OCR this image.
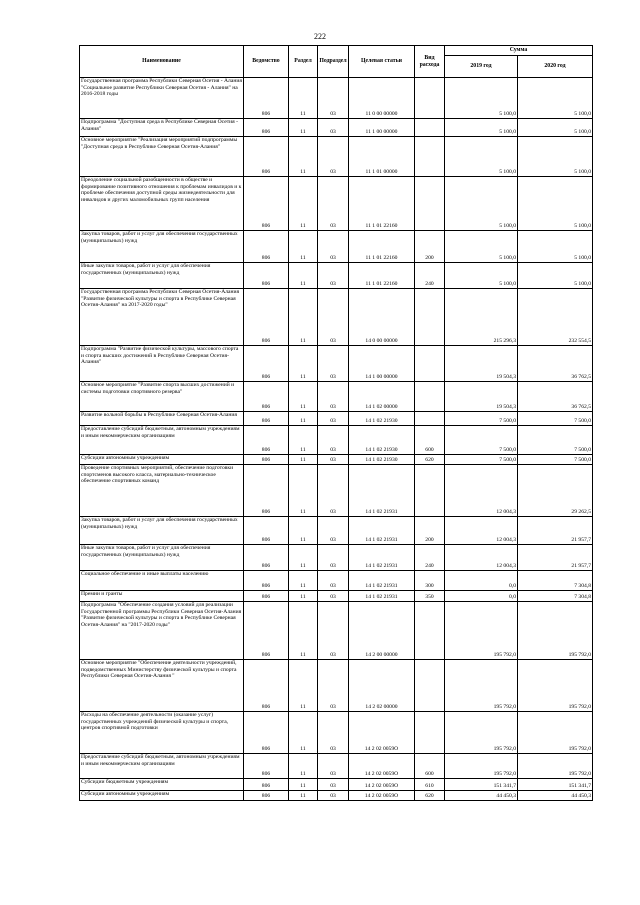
222
Наименование	Ведомство	Раздел	Подраздел	Целевая статьи	Вид расхода	Сумма	
						2019 год	2020 год
Государственная программа Республики Северная Осетия - Алания "Социальное развитие Республики Северная Осетия - Алания" на 2016-2018 годы	806	11	03	11 0 00 00000		5 100,0	5 100,0
Подпрограмма "Доступная среда в Республике Северная Осетия - Алания"	806	11	03	11 1 00 00000		5 100,0	5 100,0
Основное мероприятие "Реализация мероприятий подпрограммы "Доступная среда в Республике Северная Осетия-Алания"	806	11	03	11 1 01 00000		5 100,0	5 100,0
Преодоление социальной разобщенности в обществе и формирование позитивного отношения к проблемам инвалидов и к проблеме обеспечения доступной среды жизнедеятельности для инвалидов и других маломобильных групп населения	806	11	03	11 1 01 22160		5 100,0	5 100,0
Закупка товаров, работ и услуг для обеспечения государственных (муниципальных) нужд	806	11	03	11 1 01 22160	200	5 100,0	5 100,0
Иные закупки товаров, работ и услуг для обеспечения государственных (муниципальных) нужд	806	11	03	11 1 01 22160	240	5 100,0	5 100,0
Государственная программа Республики Северная Осетия-Алания "Развитие физической культуры и спорта в Республике Северная Осетия-Алания" на 2017-2020 годы"	806	11	03	14 0 00 00000		215 296,3	232 554,5
Подпрограмма "Развитие физической культуры, массового спорта и спорта высших достижений в Республике Северная Осетия-Алания"	806	11	03	14 1 00 00000		19 504,3	36 762,5
Основное мероприятие "Развитие спорта высших достижений и системы подготовки спортивного резерва"	806	11	03	14 1 02 00000		19 504,3	36 762,5
Развитие вольной борьбы в Республике Северная Осетия-Алания	806	11	03	14 1 02 21930		7 500,0	7 500,0
Предоставление субсидий бюджетным, автономным учреждениям и иным некоммерческим организациям	806	11	03	14 1 02 21930	600	7 500,0	7 500,0
Субсидии автономным учреждениям	806	11	03	14 1 02 21930	620	7 500,0	7 500,0
Проведение спортивных мероприятий, обеспечение подготовки спортсменов высокого класса, материально-техническое обеспечение спортивных команд	806	11	03	14 1 02 21931		12 004,3	29 262,5
Закупка товаров, работ и услуг для обеспечения государственных (муниципальных) нужд	806	11	03	14 1 02 21931	200	12 004,3	21 957,7
Иные закупки товаров, работ и услуг для обеспечения государственных (муниципальных) нужд	806	11	03	14 1 02 21931	240	12 004,3	21 957,7
Социальное обеспечение и иные выплаты населению	806	11	03	14 1 02 21931	300	0,0	7 304,8
Премии и гранты	806	11	03	14 1 02 21931	350	0,0	7 304,8
Подпрограмма "Обеспечение создания условий для реализации Государственной программы Республики Северная Осетия-Алания "Развитие физической культуры и спорта в Республике Северная Осетия-Алания" на "2017-2020 годы"	806	11	03	14 2 00 00000		195 792,0	195 792,0
Основное мероприятие "Обеспечение деятельности учреждений, подведомственных Министерству физической культуры и спорта Республики Северная Осетия-Алания "	806	11	03	14 2 02 00000		195 792,0	195 792,0
Расходы на обеспечение деятельности (оказание услуг) государственных учреждений физической культуры и спорта, центров спортивной подготовки	806	11	03	14 2 02 0059O		195 792,0	195 792,0
Предоставление субсидий бюджетным, автономным учреждениям и иным некоммерческим организациям	806	11	03	14 2 02 0059O	600	195 792,0	195 792,0
Субсидии бюджетным учреждениям	806	11	03	14 2 02 0059O	610	151 341,7	151 341,7
Субсидии автономным учреждениям	806	11	03	14 2 02 0059O	620	44 450,3	44 450,3
